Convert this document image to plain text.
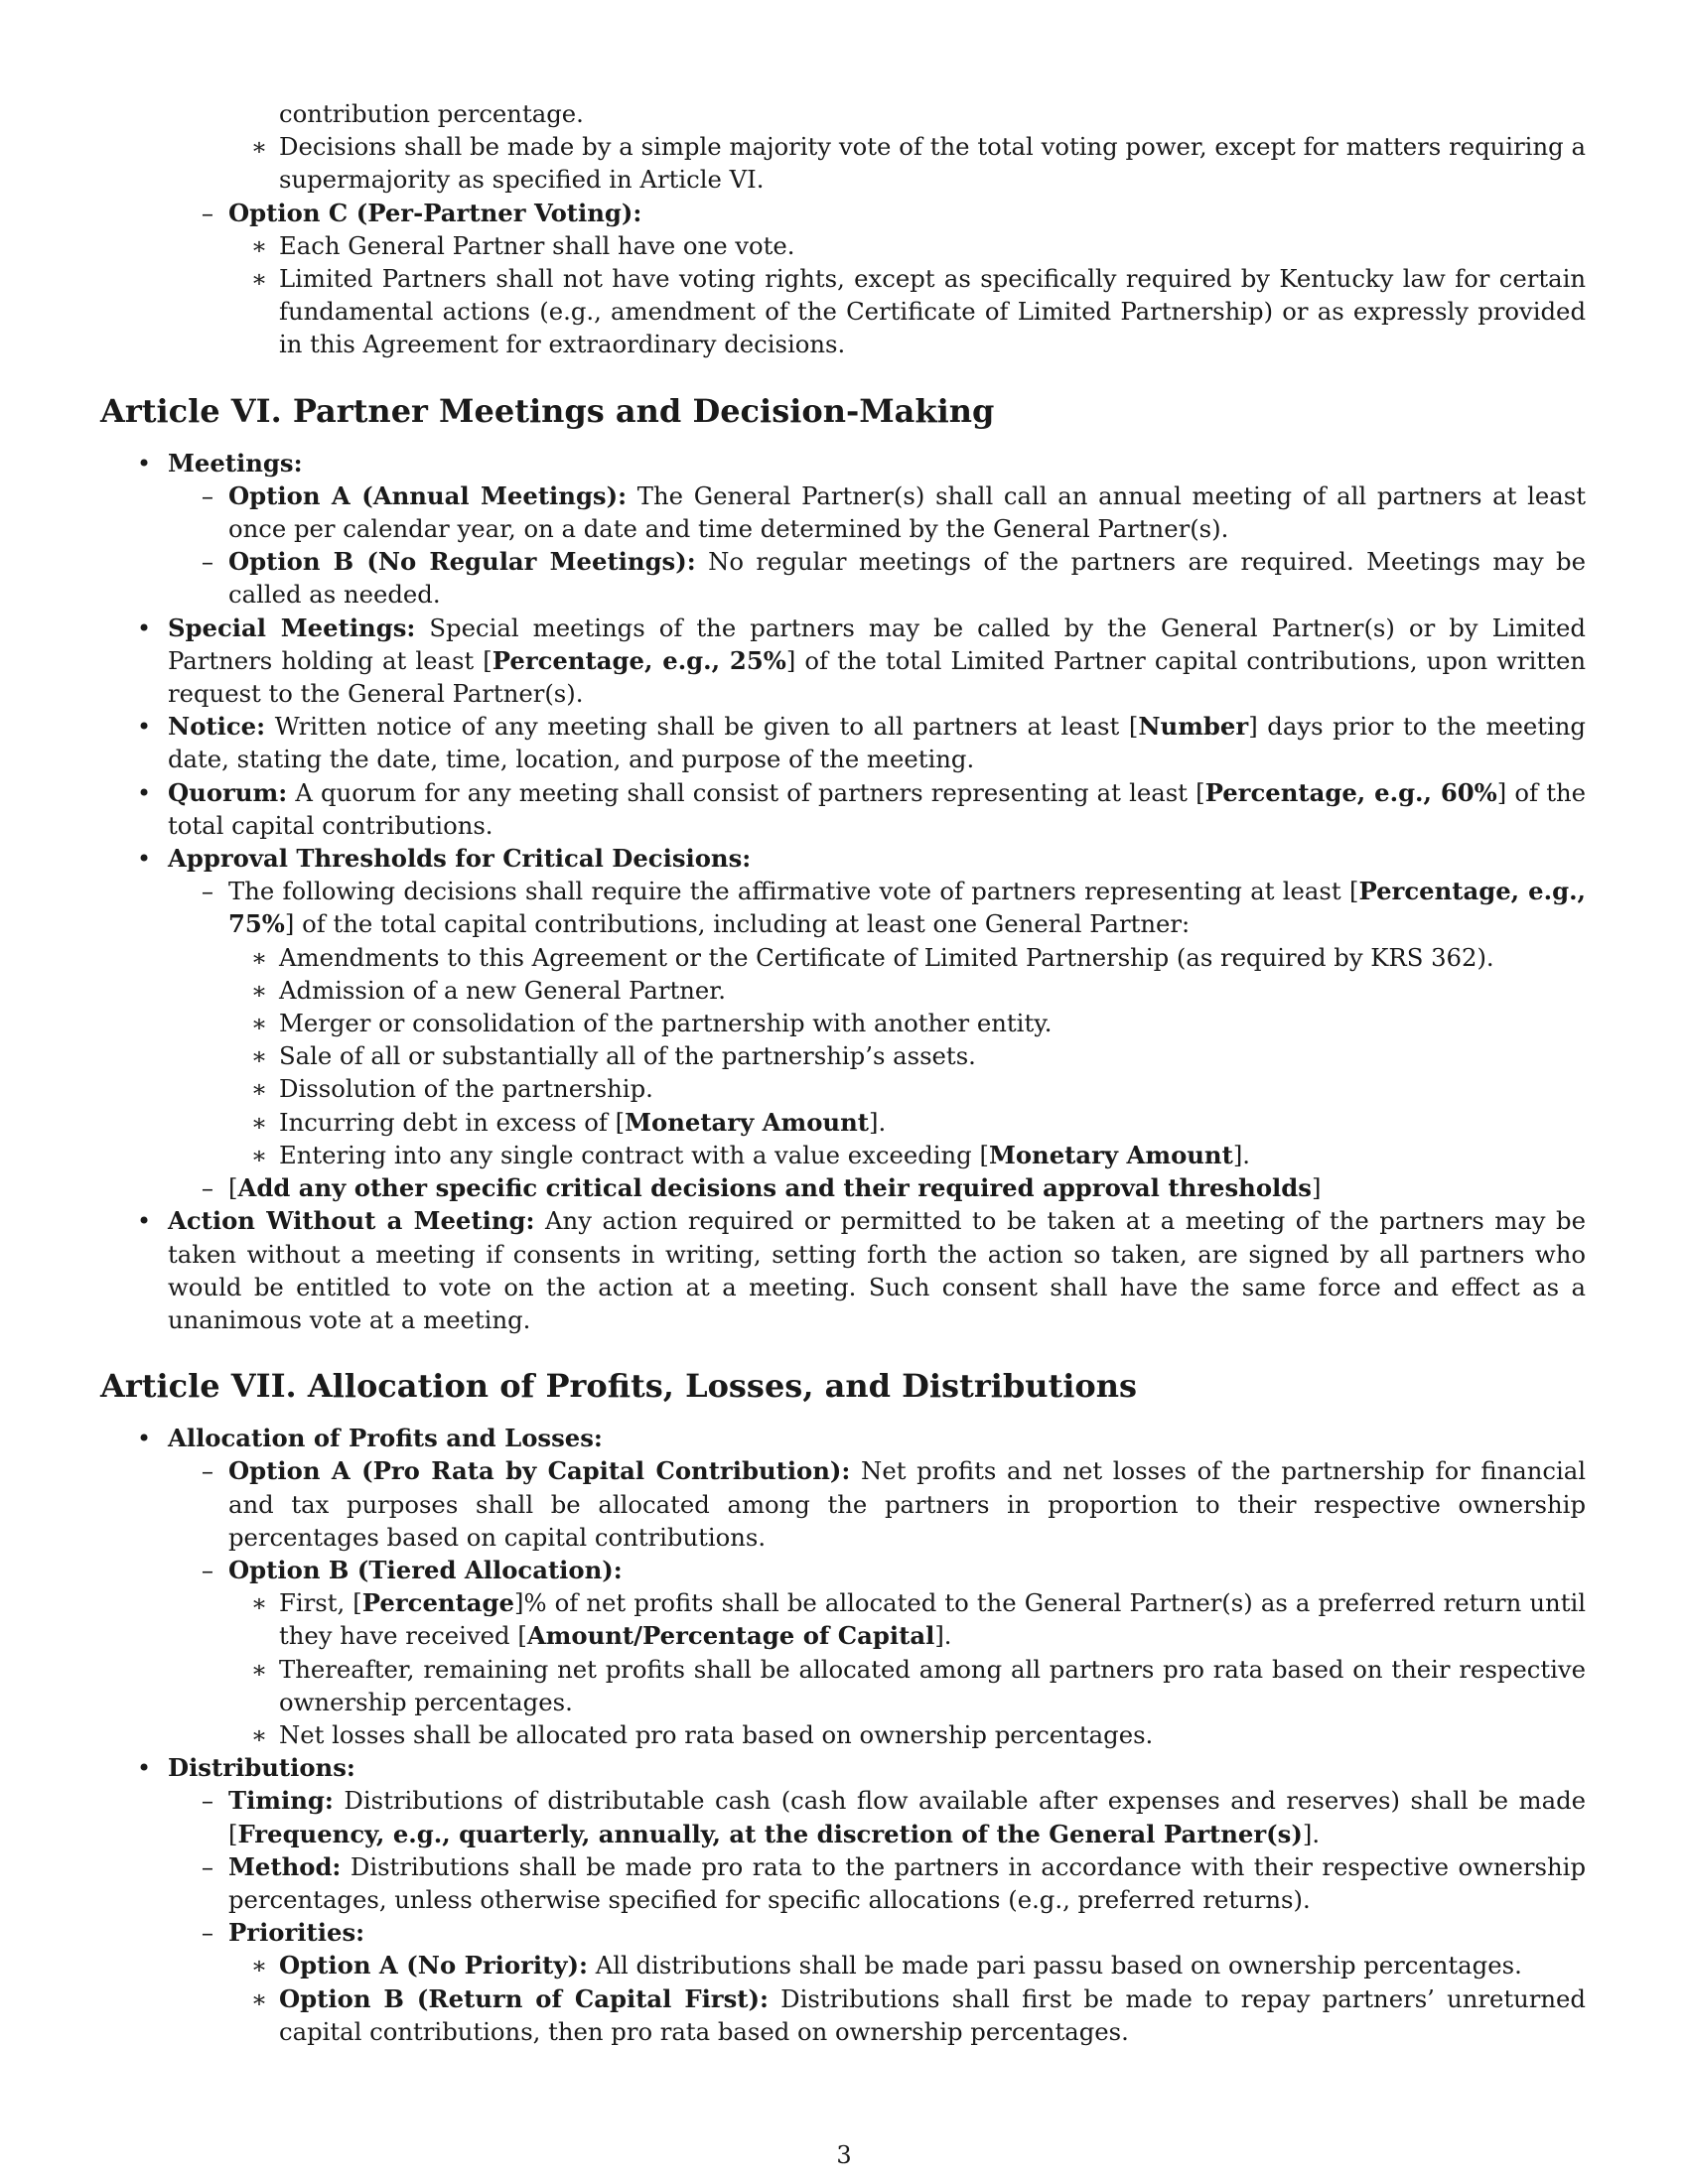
contribution percentage.
∗ Decisions shall be made by a simple majority vote of the total voting power, except for matters requiring a supermajority as specified in Article VI.
– Option C (Per-Partner Voting):
∗ Each General Partner shall have one vote.
∗ Limited Partners shall not have voting rights, except as specifically required by Kentucky law for certain fundamental actions (e.g., amendment of the Certificate of Limited Partnership) or as expressly provided in this Agreement for extraordinary decisions.
Article VI. Partner Meetings and Decision-Making
• Meetings:
– Option A (Annual Meetings): The General Partner(s) shall call an annual meeting of all partners at least once per calendar year, on a date and time determined by the General Partner(s).
– Option B (No Regular Meetings): No regular meetings of the partners are required. Meetings may be called as needed.
• Special Meetings: Special meetings of the partners may be called by the General Partner(s) or by Limited Partners holding at least [Percentage, e.g., 25%] of the total Limited Partner capital contributions, upon written request to the General Partner(s).
• Notice: Written notice of any meeting shall be given to all partners at least [Number] days prior to the meeting date, stating the date, time, location, and purpose of the meeting.
• Quorum: A quorum for any meeting shall consist of partners representing at least [Percentage, e.g., 60%] of the total capital contributions.
• Approval Thresholds for Critical Decisions:
– The following decisions shall require the affirmative vote of partners representing at least [Percentage, e.g., 75%] of the total capital contributions, including at least one General Partner:
∗ Amendments to this Agreement or the Certificate of Limited Partnership (as required by KRS 362).
∗ Admission of a new General Partner.
∗ Merger or consolidation of the partnership with another entity.
∗ Sale of all or substantially all of the partnership’s assets.
∗ Dissolution of the partnership.
∗ Incurring debt in excess of [Monetary Amount].
∗ Entering into any single contract with a value exceeding [Monetary Amount].
– [Add any other specific critical decisions and their required approval thresholds]
• Action Without a Meeting: Any action required or permitted to be taken at a meeting of the partners may be taken without a meeting if consents in writing, setting forth the action so taken, are signed by all partners who would be entitled to vote on the action at a meeting. Such consent shall have the same force and effect as a unanimous vote at a meeting.
Article VII. Allocation of Profits, Losses, and Distributions
• Allocation of Profits and Losses:
– Option A (Pro Rata by Capital Contribution): Net profits and net losses of the partnership for financial and tax purposes shall be allocated among the partners in proportion to their respective ownership percentages based on capital contributions.
– Option B (Tiered Allocation):
∗ First, [Percentage]% of net profits shall be allocated to the General Partner(s) as a preferred return until they have received [Amount/Percentage of Capital].
∗ Thereafter, remaining net profits shall be allocated among all partners pro rata based on their respective ownership percentages.
∗ Net losses shall be allocated pro rata based on ownership percentages.
• Distributions:
– Timing: Distributions of distributable cash (cash flow available after expenses and reserves) shall be made [Frequency, e.g., quarterly, annually, at the discretion of the General Partner(s)].
– Method: Distributions shall be made pro rata to the partners in accordance with their respective ownership percentages, unless otherwise specified for specific allocations (e.g., preferred returns).
– Priorities:
∗ Option A (No Priority): All distributions shall be made pari passu based on ownership percentages.
∗ Option B (Return of Capital First): Distributions shall first be made to repay partners’ unreturned capital contributions, then pro rata based on ownership percentages.
3
